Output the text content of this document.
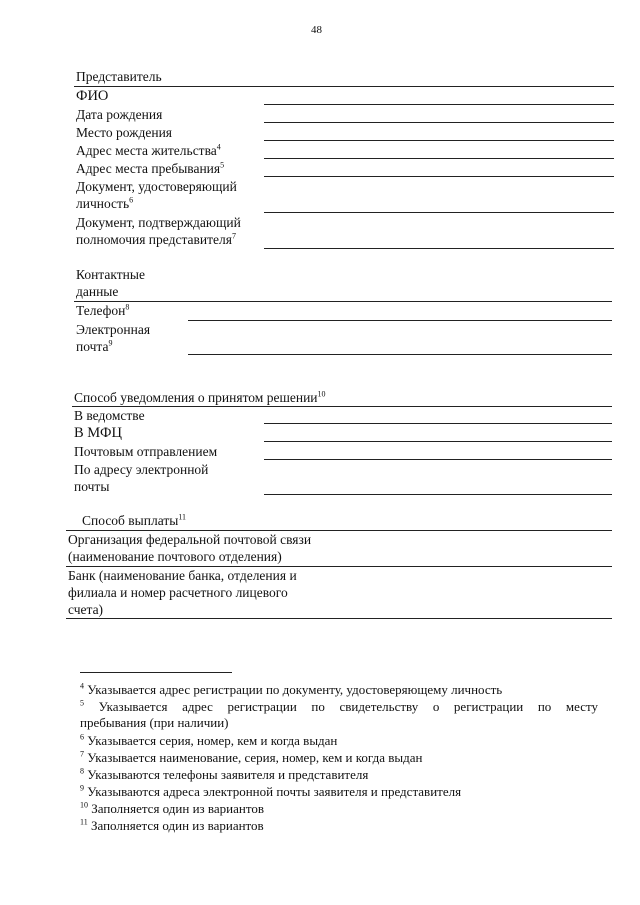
48
Представитель
ФИО
Дата рождения
Место рождения
Адрес места жительства$^4$
Адрес места пребывания$^5$
Документ, удостоверяющий
личность$^6$
Документ, подтверждающий
полномочия представителя$^7$
Контактные
данные
Телефон$^8$
Электронная
почта$^9$
Способ уведомления о принятом решении$^{10}$
В ведомстве
В МФЦ
Почтовым отправлением
По адресу электронной
почты
Способ выплаты$^{11}$
Организация федеральной почтовой связи
(наименование почтового отделения)
Банк (наименование банка, отделения и
филиала и номер расчетного лицевого
счета)
$^4$ Указывается адрес регистрации по документу, удостоверяющему личность
$^5$ Указывается адрес регистрации по свидетельству о регистрации по месту
пребывания (при наличии)
$^6$ Указывается серия, номер, кем и когда выдан
$^7$ Указывается наименование, серия, номер, кем и когда выдан
$^8$ Указываются телефоны заявителя и представителя
$^9$ Указываются адреса электронной почты заявителя и представителя
$^{10}$ Заполняется один из вариантов
$^{11}$ Заполняется один из вариантов
